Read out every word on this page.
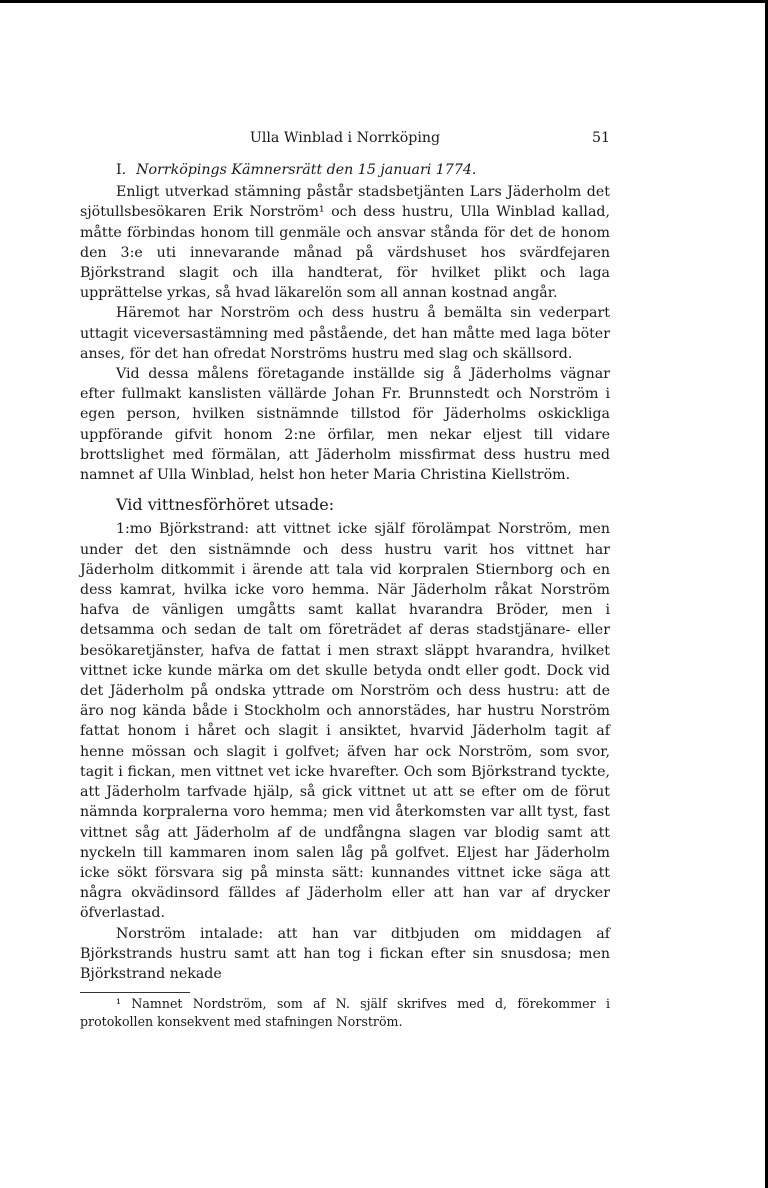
Ulla Winblad i Norrköping	51
I. Norrköpings Kämnersrätt den 15 januari 1774.

Enligt utverkad stämning påstår stadsbetjänten Lars Jäderholm det sjötullsbesökaren Erik Norström¹ och dess hustru, Ulla Winblad kallad, måtte förbindas honom till genmäle och ansvar stånda för det de honom den 3:e uti innevarande månad på värdshuset hos svärdfejaren Björkstrand slagit och illa handterat, för hvilket plikt och laga upprättelse yrkas, så hvad läkarelön som all annan kostnad angår.

Häremot har Norström och dess hustru å bemälta sin vederpart uttagit viceversastämning med påstående, det han måtte med laga böter anses, för det han ofredat Norströms hustru med slag och skällsord.

Vid dessa målens företagande inställde sig å Jäderholms vägnar efter fullmakt kanslisten vällärde Johan Fr. Brunnstedt och Norström i egen person, hvilken sistnämnde tillstod för Jäderholms oskickliga uppförande gifvit honom 2:ne örfilar, men nekar eljest till vidare brottslighet med förmälan, att Jäderholm missfirmat dess hustru med namnet af Ulla Winblad, helst hon heter Maria Christina Kiellström.

Vid vittnesförhöret utsade:

1:mo Björkstrand: att vittnet icke själf förolämpat Norström, men under det den sistnämnde och dess hustru varit hos vittnet har Jäderholm ditkommit i ärende att tala vid korpralen Stiernborg och en dess kamrat, hvilka icke voro hemma. När Jäderholm råkat Norström hafva de vänligen umgåtts samt kallat hvarandra Bröder, men i detsamma och sedan de talt om företrädet af deras stadstjänare- eller besökaretjänster, hafva de fattat i men straxt släppt hvarandra, hvilket vittnet icke kunde märka om det skulle betyda ondt eller godt. Dock vid det Jäderholm på ondska yttrade om Norström och dess hustru: att de äro nog kända både i Stockholm och annorstädes, har hustru Norström fattat honom i håret och slagit i ansiktet, hvarvid Jäderholm tagit af henne mössan och slagit i golfvet; äfven har ock Norström, som svor, tagit i fickan, men vittnet vet icke hvarefter. Och som Björkstrand tyckte, att Jäderholm tarfvade hjälp, så gick vittnet ut att se efter om de förut nämnda korpralerna voro hemma; men vid återkomsten var allt tyst, fast vittnet såg att Jäderholm af de undfångna slagen var blodig samt att nyckeln till kammaren inom salen låg på golfvet. Eljest har Jäderholm icke sökt försvara sig på minsta sätt: kunnandes vittnet icke säga att några okvädinsord fälldes af Jäderholm eller att han var af drycker öfverlastad.

Norström intalade: att han var ditbjuden om middagen af Björkstrands hustru samt att han tog i fickan efter sin snusdosa; men Björkstrand nekade

¹ Namnet Nordström, som af N. själf skrifves med d, förekommer i protokollen konsekvent med stafningen Norström.
